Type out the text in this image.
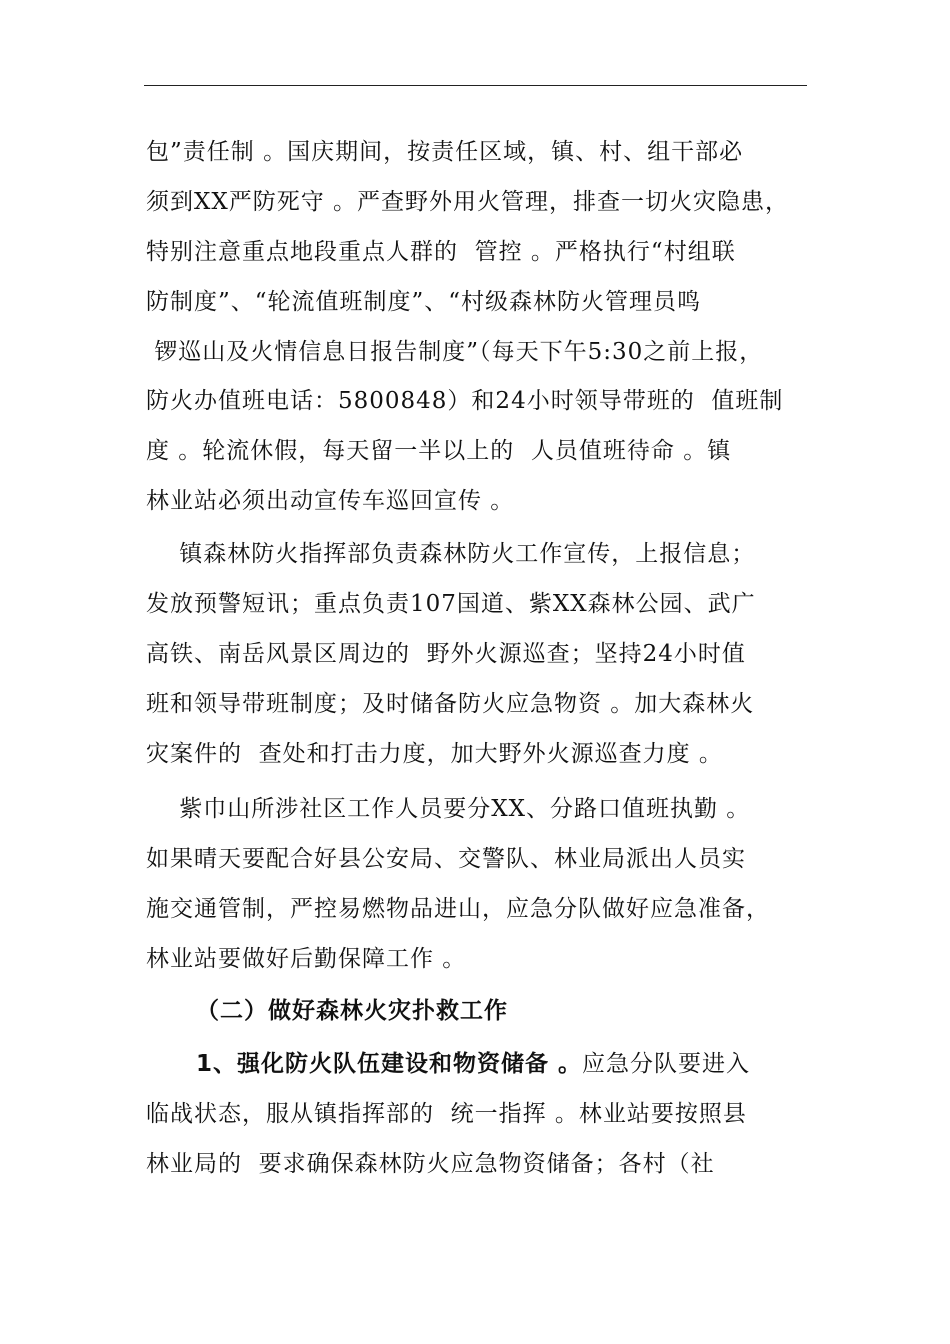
包”责任制 。国庆期间，按责任区域，镇、村、组干部必
须到XX严防死守 。严查野外用火管理，排查一切火灾隐患，
特别注意重点地段重点人群的  管控 。严格执行“村组联
防制度”、“轮流值班制度”、“村级森林防火管理员鸣
锣巡山及火情信息日报告制度”（每天下午5:30之前上报，
防火办值班电话：5800848）和24小时领导带班的  值班制
度 。轮流休假，每天留一半以上的  人员值班待命 。镇
林业站必须出动宣传车巡回宣传 。
镇森林防火指挥部负责森林防火工作宣传，上报信息；
发放预警短讯；重点负责107国道、紫XX森林公园、武广
高铁、南岳风景区周边的  野外火源巡查；坚持24小时值
班和领导带班制度；及时储备防火应急物资 。加大森林火
灾案件的  查处和打击力度，加大野外火源巡查力度 。
紫巾山所涉社区工作人员要分XX、分路口值班执勤 。
如果晴天要配合好县公安局、交警队、林业局派出人员实
施交通管制，严控易燃物品进山，应急分队做好应急准备，
林业站要做好后勤保障工作 。
（二）做好森林火灾扑救工作
1、强化防火队伍建设和物资储备 。应急分队要进入
临战状态，服从镇指挥部的  统一指挥 。林业站要按照县
林业局的  要求确保森林防火应急物资储备；各村（社
